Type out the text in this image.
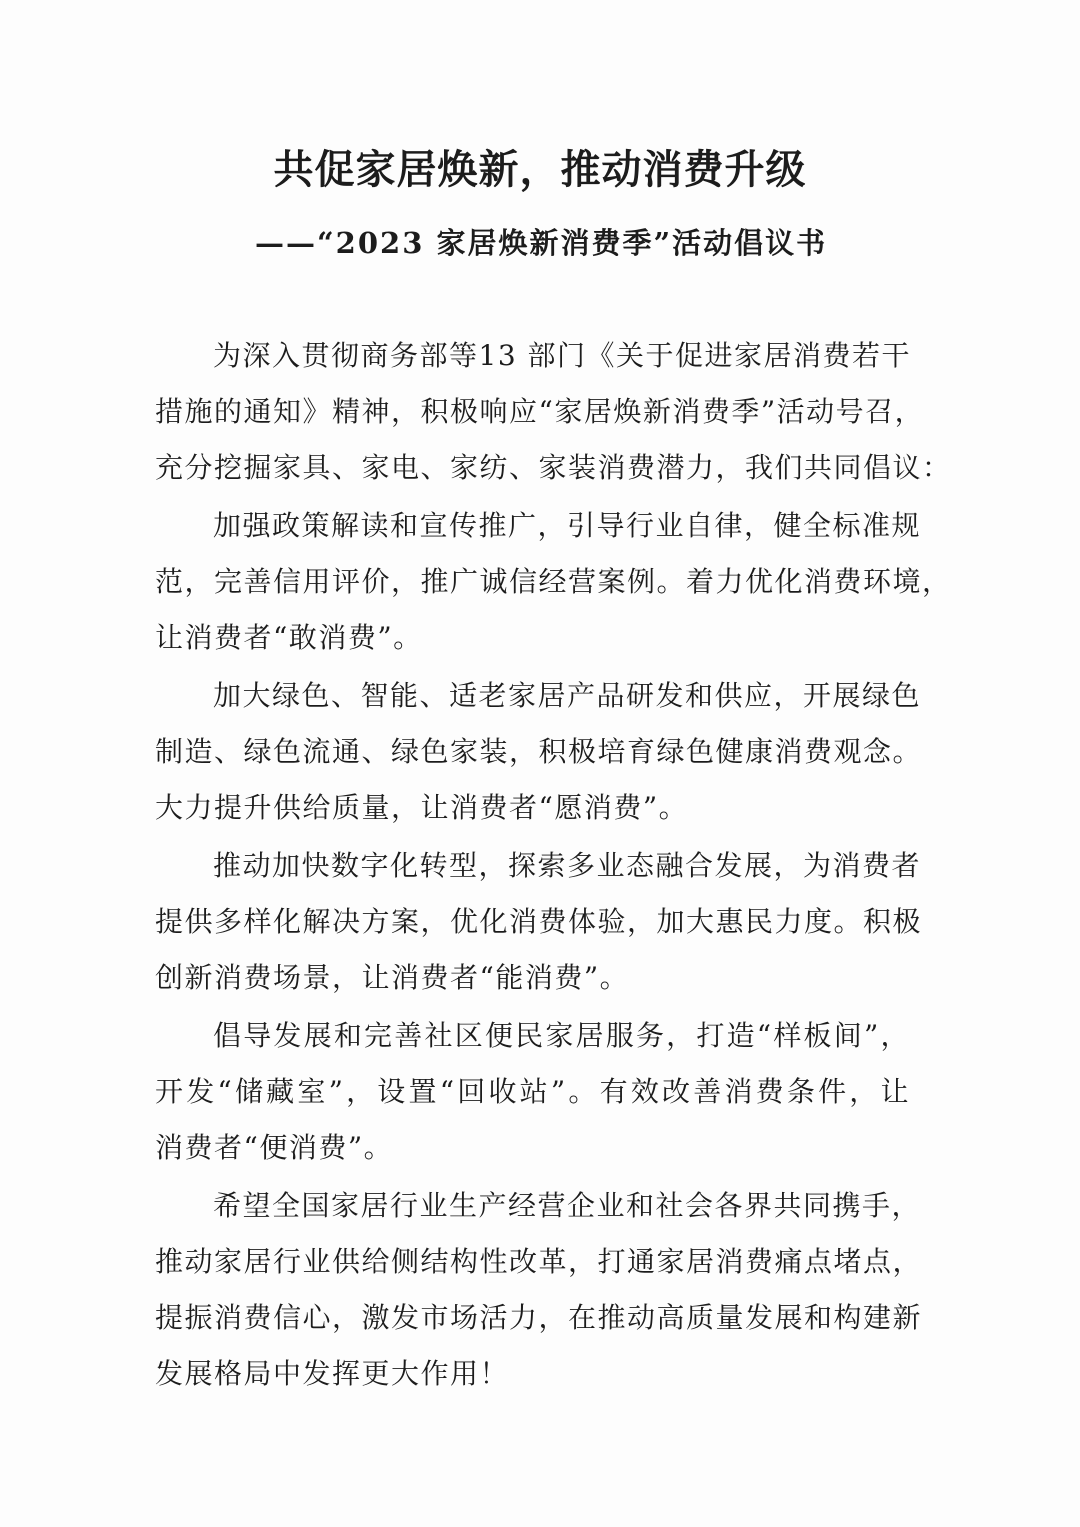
共促家居焕新，推动消费升级
——“2023 家居焕新消费季”活动倡议书

为深入贯彻商务部等13 部门《关于促进家居消费若干
措施的通知》精神，积极响应“家居焕新消费季”活动号召，
充分挖掘家具、家电、家纺、家装消费潜力，我们共同倡议：

加强政策解读和宣传推广，引导行业自律，健全标准规
范，完善信用评价，推广诚信经营案例。着力优化消费环境，
让消费者“敢消费”。

加大绿色、智能、适老家居产品研发和供应，开展绿色
制造、绿色流通、绿色家装，积极培育绿色健康消费观念。
大力提升供给质量，让消费者“愿消费”。

推动加快数字化转型，探索多业态融合发展，为消费者
提供多样化解决方案，优化消费体验，加大惠民力度。积极
创新消费场景，让消费者“能消费”。

倡导发展和完善社区便民家居服务，打造“样板间”，
开发“储藏室”，设置“回收站”。有效改善消费条件，让
消费者“便消费”。

希望全国家居行业生产经营企业和社会各界共同携手，
推动家居行业供给侧结构性改革，打通家居消费痛点堵点，
提振消费信心，激发市场活力，在推动高质量发展和构建新
发展格局中发挥更大作用！
